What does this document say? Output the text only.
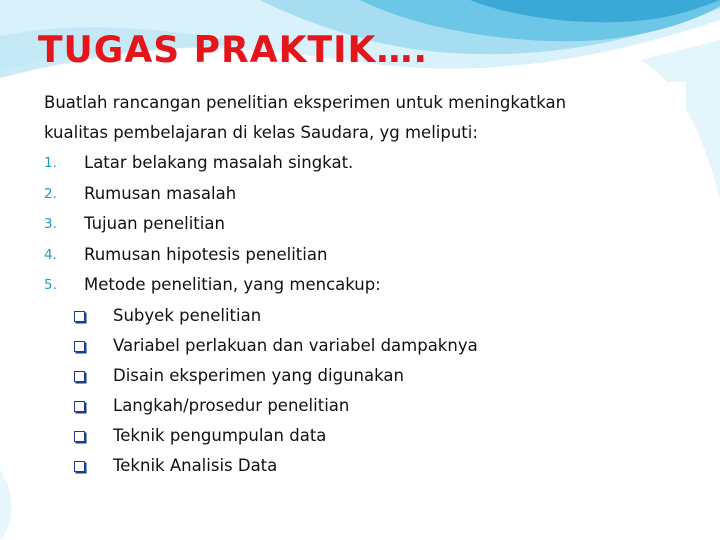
TUGAS PRAKTIK….

Buatlah rancangan penelitian eksperimen untuk meningkatkan
kualitas pembelajaran di kelas Saudara, yg meliputi:

1. Latar belakang masalah singkat.
2. Rumusan masalah
3. Tujuan penelitian
4. Rumusan hipotesis penelitian
5. Metode penelitian, yang mencakup:
Subyek penelitian
Variabel perlakuan dan variabel dampaknya
Disain eksperimen yang digunakan
Langkah/prosedur penelitian
Teknik pengumpulan data
Teknik Analisis Data
